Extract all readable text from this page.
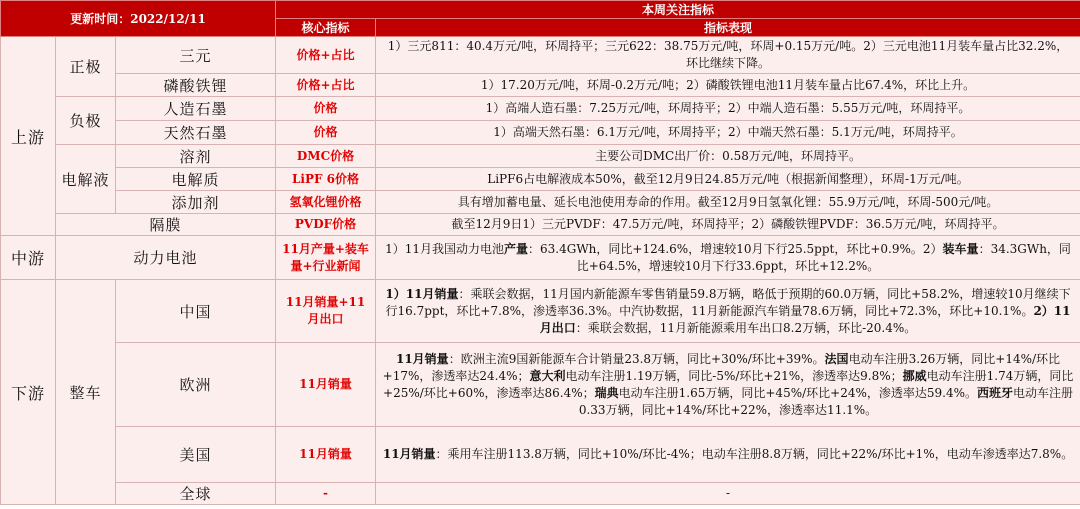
更新时间：2022/12/11			本周关注指标	
			核心指标	指标表现
上游	正极	三元	价格+占比	1）三元811：40.4万元/吨，环周持平；三元622：38.75万元/吨，环周+0.15万元/吨。2）三元电池11月装车量占比32.2%，环比继续下降。
		磷酸铁锂	价格+占比	1）17.20万元/吨，环周-0.2万元/吨；2）磷酸铁锂电池11月装车量占比67.4%，环比上升。
	负极	人造石墨	价格	1）高端人造石墨：7.25万元/吨，环周持平；2）中端人造石墨：5.55万元/吨，环周持平。
		天然石墨	价格	1）高端天然石墨：6.1万元/吨，环周持平；2）中端天然石墨：5.1万元/吨，环周持平。
	电解液	溶剂	DMC价格	主要公司DMC出厂价：0.58万元/吨，环周持平。
		电解质	LiPF 6价格	LiPF6占电解液成本50%，截至12月9日24.85万元/吨（根据新闻整理），环周-1万元/吨。
		添加剂	氢氧化锂价格	具有增加蓄电量、延长电池使用寿命的作用。截至12月9日氢氧化锂：55.9万元/吨，环周-500元/吨。
	隔膜		PVDF价格	截至12月9日1）三元PVDF：47.5万元/吨，环周持平；2）磷酸铁锂PVDF：36.5万元/吨，环周持平。
中游	动力电池		11月产量+装车量+行业新闻	1）11月我国动力电池产量：63.4GWh，同比+124.6%，增速较10月下行25.5ppt，环比+0.9%。2）装车量：34.3GWh，同比+64.5%，增速较10月下行33.6ppt，环比+12.2%。
下游	整车	中国	11月销量+11月出口	1）11月销量：乘联会数据，11月国内新能源车零售销量59.8万辆，略低于预期的60.0万辆，同比+58.2%，增速较10月继续下行16.7ppt，环比+7.8%，渗透率36.3%。中汽协数据，11月新能源汽车销量78.6万辆，同比+72.3%，环比+10.1%。2）11月出口：乘联会数据，11月新能源乘用车出口8.2万辆，环比-20.4%。
		欧洲	11月销量	11月销量：欧洲主流9国新能源车合计销量23.8万辆，同比+30%/环比+39%。法国电动车注册3.26万辆，同比+14%/环比+17%，渗透率达24.4%；意大利电动车注册1.19万辆，同比-5%/环比+21%，渗透率达9.8%；挪威电动车注册1.74万辆，同比+25%/环比+60%，渗透率达86.4%；瑞典电动车注册1.65万辆，同比+45%/环比+24%，渗透率达59.4%。西班牙电动车注册0.33万辆，同比+14%/环比+22%，渗透率达11.1%。
		美国	11月销量	11月销量：乘用车注册113.8万辆，同比+10%/环比-4%；电动车注册8.8万辆，同比+22%/环比+1%，电动车渗透率达7.8%。
		全球	-	-
